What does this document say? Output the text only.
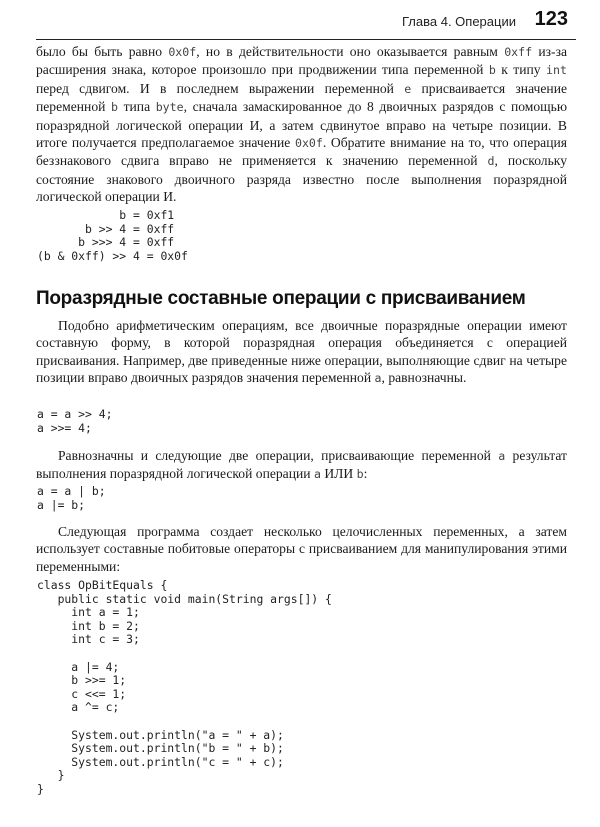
Глава 4. Операции 123

было бы быть равно 0x0f, но в действительности оно оказывается равным 0xff из-за расширения знака, которое произошло при продвижении типа переменной b к типу int перед сдвигом. И в последнем выражении переменной e присваивается значение переменной b типа byte, сначала замаскированное до 8 двоичных разрядов с помощью поразрядной логической операции И, а затем сдвинутое вправо на четыре позиции. В итоге получается предполагаемое значение 0x0f. Обратите внимание на то, что операция беззнакового сдвига вправо не применяется к значению переменной d, поскольку состояние знакового двоичного разряда известно после выполнения поразрядной логической операции И.

b = 0xf1
b >> 4 = 0xff
b >>> 4 = 0xff
(b & 0xff) >> 4 = 0x0f
Поразрядные составные операции с присваиванием

Подобно арифметическим операциям, все двоичные поразрядные операции имеют составную форму, в которой поразрядная операция объединяется с операцией присваивания. Например, две приведенные ниже операции, выполняющие сдвиг на четыре позиции вправо двоичных разрядов значения переменной a, равнозначны.

a = a >> 4;
a >>= 4;

Равнозначны и следующие две операции, присваивающие переменной a результат выполнения поразрядной логической операции a ИЛИ b:

a = a | b;
a |= b;

Следующая программа создает несколько целочисленных переменных, а затем использует составные побитовые операторы с присваиванием для манипулирования этими переменными:

class OpBitEquals {
public static void main(String args[]) {
int a = 1;
int b = 2;
int c = 3;

a |= 4;
b >>= 1;
c <<= 1;
a ^= c;

System.out.println("a = " + a);
System.out.println("b = " + b);
System.out.println("c = " + c);
}
}
